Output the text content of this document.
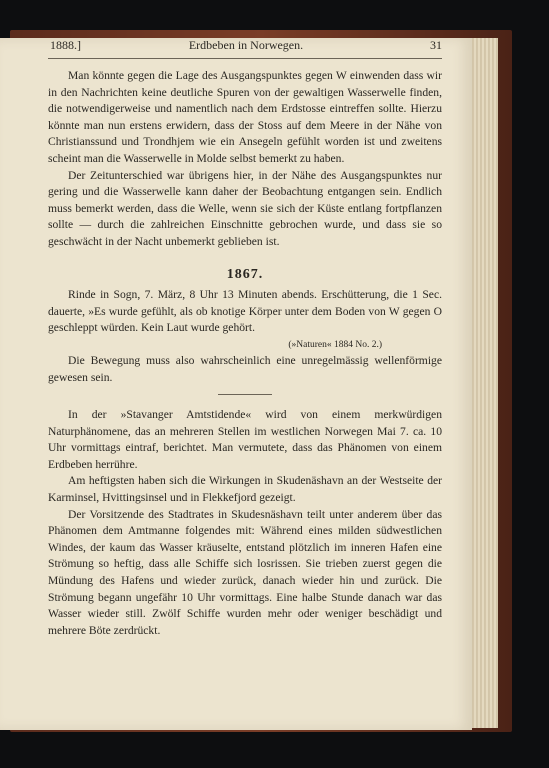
1888.]	Erdbeben in Norwegen.	31

Man könnte gegen die Lage des Ausgangspunktes gegen W einwenden dass wir in den Nachrichten keine deutliche Spuren von der gewaltigen Wasserwelle finden, die notwendigerweise und namentlich nach dem Erdstosse eintreffen sollte. Hierzu könnte man nun erstens erwidern, dass der Stoss auf dem Meere in der Nähe von Christianssund und Trondhjem wie ein Ansegeln gefühlt worden ist und zweitens scheint man die Wasserwelle in Molde selbst bemerkt zu haben.

Der Zeitunterschied war übrigens hier, in der Nähe des Ausgangspunktes nur gering und die Wasserwelle kann daher der Beobachtung entgangen sein. Endlich muss bemerkt werden, dass die Welle, wenn sie sich der Küste entlang fortpflanzen sollte — durch die zahlreichen Einschnitte gebrochen wurde, und dass sie so geschwächt in der Nacht unbemerkt geblieben ist.

1867.

Rinde in Sogn, 7. März, 8 Uhr 13 Minuten abends. Erschütterung, die 1 Sec. dauerte, »Es wurde gefühlt, als ob knotige Körper unter dem Boden von W gegen O geschleppt würden. Kein Laut wurde gehört.

(»Naturen« 1884 No. 2.)

Die Bewegung muss also wahrscheinlich eine unregelmässig wellenförmige gewesen sein.

In der »Stavanger Amtstidende« wird von einem merkwürdigen Naturphänomene, das an mehreren Stellen im westlichen Norwegen Mai 7. ca. 10 Uhr vormittags eintraf, berichtet. Man vermutete, dass das Phänomen von einem Erdbeben herrühre.

Am heftigsten haben sich die Wirkungen in Skudenäshavn an der Westseite der Karminsel, Hvittingsinsel und in Flekkefjord gezeigt.

Der Vorsitzende des Stadtrates in Skudesnäshavn teilt unter anderem über das Phänomen dem Amtmanne folgendes mit: Während eines milden südwestlichen Windes, der kaum das Wasser kräuselte, entstand plötzlich im inneren Hafen eine Strömung so heftig, dass alle Schiffe sich losrissen. Sie trieben zuerst gegen die Mündung des Hafens und wieder zurück, danach wieder hin und zurück. Die Strömung begann ungefähr 10 Uhr vormittags. Eine halbe Stunde danach war das Wasser wieder still. Zwölf Schiffe wurden mehr oder weniger beschädigt und mehrere Böte zerdrückt.
